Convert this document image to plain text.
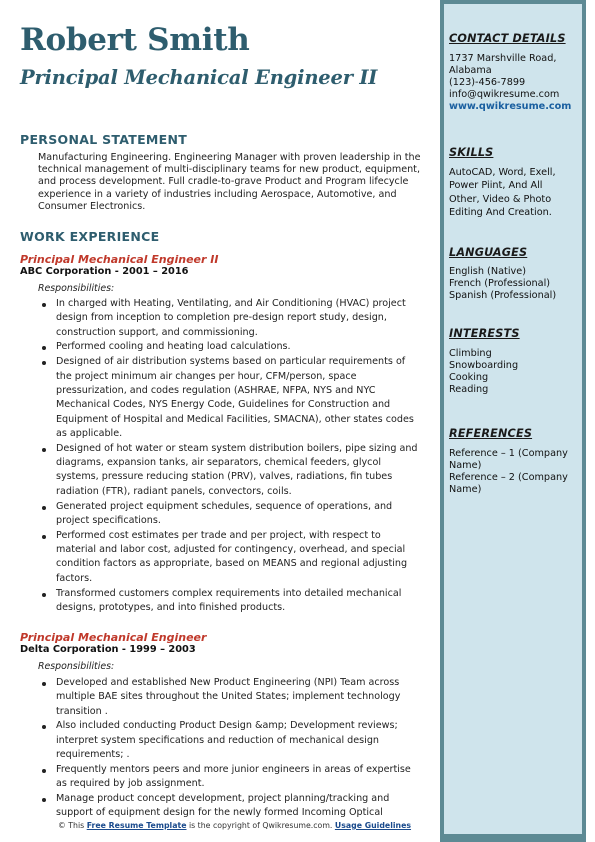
Robert Smith
Principal Mechanical Engineer II
PERSONAL STATEMENT
Manufacturing Engineering. Engineering Manager with proven leadership in the technical management of multi-disciplinary teams for new product, equipment, and process development. Full cradle-to-grave Product and Program lifecycle experience in a variety of industries including Aerospace, Automotive, and Consumer Electronics.
WORK EXPERIENCE
Principal Mechanical Engineer II
ABC Corporation - 2001 – 2016
Responsibilities:
In charged with Heating, Ventilating, and Air Conditioning (HVAC) project design from inception to completion pre-design report study, design, construction support, and commissioning.
Performed cooling and heating load calculations.
Designed of air distribution systems based on particular requirements of the project minimum air changes per hour, CFM/person, space pressurization, and codes regulation (ASHRAE, NFPA, NYS and NYC Mechanical Codes, NYS Energy Code, Guidelines for Construction and Equipment of Hospital and Medical Facilities, SMACNA), other states codes as applicable.
Designed of hot water or steam system distribution boilers, pipe sizing and diagrams, expansion tanks, air separators, chemical feeders, glycol systems, pressure reducing station (PRV), valves, radiations, fin tubes radiation (FTR), radiant panels, convectors, coils.
Generated project equipment schedules, sequence of operations, and project specifications.
Performed cost estimates per trade and per project, with respect to material and labor cost, adjusted for contingency, overhead, and special condition factors as appropriate, based on MEANS and regional adjusting factors.
Transformed customers complex requirements into detailed mechanical designs, prototypes, and into finished products.
Principal Mechanical Engineer
Delta Corporation - 1999 – 2003
Responsibilities:
Developed and established New Product Engineering (NPI) Team across multiple BAE sites throughout the United States; implement technology transition .
Also included conducting Product Design &amp; Development reviews; interpret system specifications and reduction of mechanical design requirements; .
Frequently mentors peers and more junior engineers in areas of expertise as required by job assignment.
Manage product concept development, project planning/tracking and support of equipment design for the newly formed Incoming Optical
CONTACT DETAILS
1737 Marshville Road,
Alabama
(123)-456-7899
info@qwikresume.com
www.qwikresume.com
SKILLS
AutoCAD, Word, Exell,
Power Piint, And All
Other, Video & Photo
Editing And Creation.
LANGUAGES
English (Native)
French (Professional)
Spanish (Professional)
INTERESTS
Climbing
Snowboarding
Cooking
Reading
REFERENCES
Reference – 1 (Company
Name)
Reference – 2 (Company
Name)
© This Free Resume Template is the copyright of Qwikresume.com. Usage Guidelines
